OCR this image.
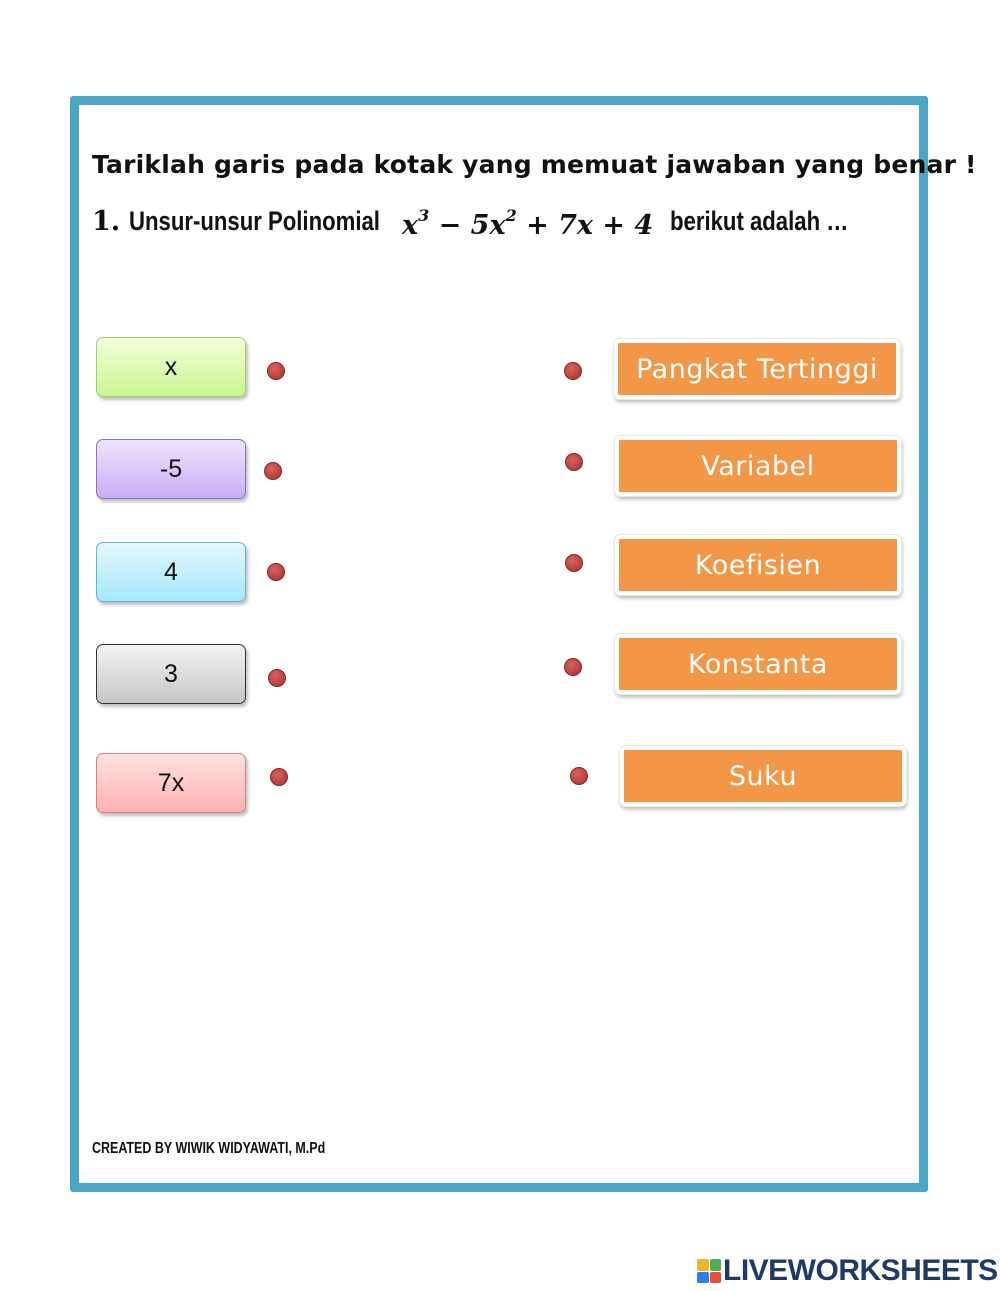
Tariklah garis pada kotak yang memuat jawaban yang benar !
1. Unsur-unsur Polinomial $x^3 - 5x^2 + 7x + 4$ berikut adalah …
x
-5
4
3
7x
Pangkat Tertinggi
Variabel
Koefisien
Konstanta
Suku
CREATED BY WIWIK WIDYAWATI, M.Pd
LIVEWORKSHEETS
